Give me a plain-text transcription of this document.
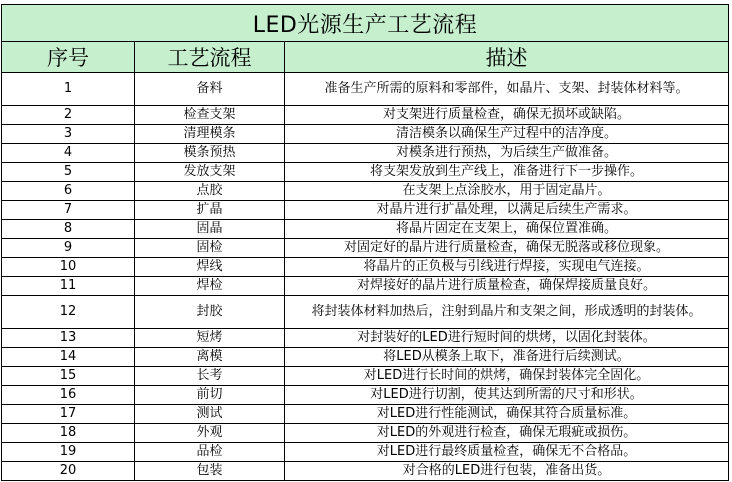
LED光源生产工艺流程		
序号	工艺流程	描述
1	备料	准备生产所需的原料和零部件，如晶片、支架、封装体材料等。
2	检查支架	对支架进行质量检查，确保无损坏或缺陷。
3	清理模条	清洁模条以确保生产过程中的洁净度。
4	模条预热	对模条进行预热，为后续生产做准备。
5	发放支架	将支架发放到生产线上，准备进行下一步操作。
6	点胶	在支架上点涂胶水，用于固定晶片。
7	扩晶	对晶片进行扩晶处理，以满足后续生产需求。
8	固晶	将晶片固定在支架上，确保位置准确。
9	固检	对固定好的晶片进行质量检查，确保无脱落或移位现象。
10	焊线	将晶片的正负极与引线进行焊接，实现电气连接。
11	焊检	对焊接好的晶片进行质量检查，确保焊接质量良好。
12	封胶	将封装体材料加热后，注射到晶片和支架之间，形成透明的封装体。
13	短烤	对封装好的LED进行短时间的烘烤，以固化封装体。
14	离模	将LED从模条上取下，准备进行后续测试。
15	长考	对LED进行长时间的烘烤，确保封装体完全固化。
16	前切	对LED进行切割，使其达到所需的尺寸和形状。
17	测试	对LED进行性能测试，确保其符合质量标准。
18	外观	对LED的外观进行检查，确保无瑕疵或损伤。
19	品检	对LED进行最终质量检查，确保无不合格品。
20	包装	对合格的LED进行包装，准备出货。
